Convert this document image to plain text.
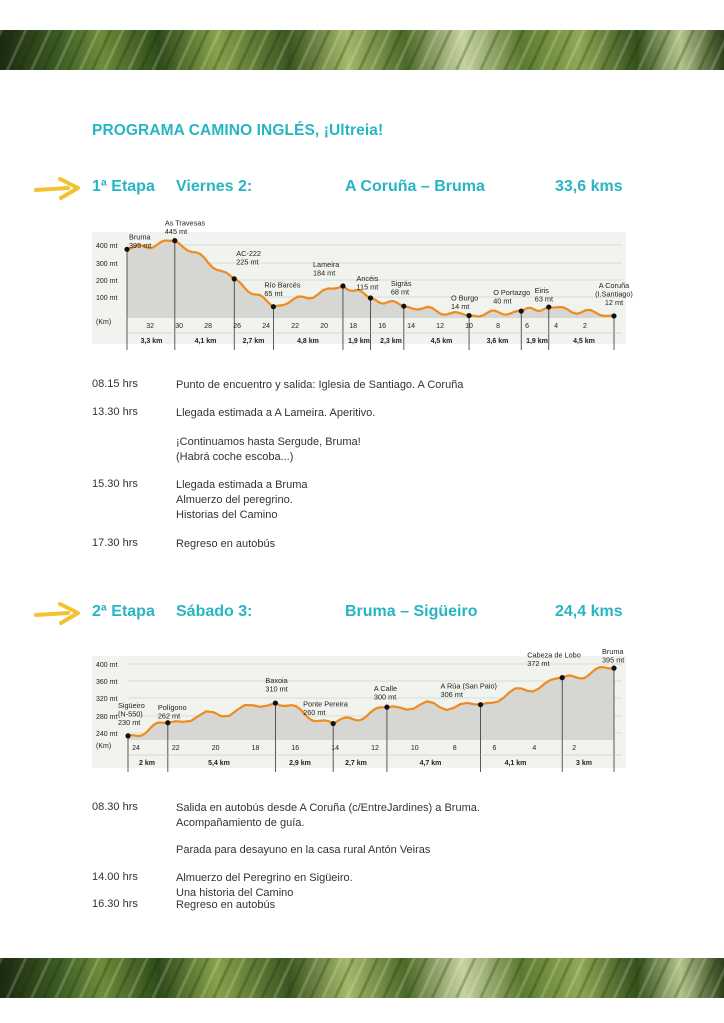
PROGRAMA CAMINO INGLÉS, ¡Ultreia!
1ª Etapa Viernes 2:	A Coruña – Bruma	33,6 kms
400 mt
300 mt
200 mt
100 mt
(Km)
Bruma
395 mt
As Travesas
445 mt
AC-222
225 mt
Río Barcés
65 mt
Lameira
184 mt
Ancéis
115 mt Sigrás
68 mt
O Burgo
14 mt
O Portazgo
40 mt
Eiris
63 mt
A Coruña
(I.Santiago)
12 mt
32	30	28	26	24	22	20	18	16	14	12	10	8	6	4	2
3,3 km	4,1 km	2,7 km	4,8 km	1,9 km 2,3 km	4,5 km	3,6 km	1,9 km	4,5 km
08.15 hrs	Punto de encuentro y salida: Iglesia de Santiago. A Coruña
13.30 hrs	Llegada estimada a A Lameira. Aperitivo.
¡Continuamos hasta Sergude, Bruma!
(Habrá coche escoba...)
15.30 hrs	Llegada estimada a Bruma
Almuerzo del peregrino.
Historias del Camino
17.30 hrs	Regreso en autobús
2ª Etapa Sábado 3:	Bruma – Sigüeiro	24,4 kms
400 mt
360 mt
320 mt
280 mt
240 mt
(Km)
Sigüeiro
(N-550)
230 mt
Polígono
262 mt
Baxoia
310 mt
Ponte Pereira
260 mt
A Calle
300 mt
A Rúa (San Paio)
306 mt
Cabeza de Lobo
372 mt
Bruma
395 mt
24	22	20	18	16	14	12	10	8	6	4	2
2 km	5,4 km	2,9 km	2,7 km	4,7 km	4,1 km	3 km
08.30 hrs	Salida en autobús desde A Coruña (c/EntreJardines) a Bruma.
Acompañamiento de guía.
Parada para desayuno en la casa rural Antón Veiras
14.00 hrs	Almuerzo del Peregrino en Sigüeiro.
Una historia del Camino
16.30 hrs	Regreso en autobús
